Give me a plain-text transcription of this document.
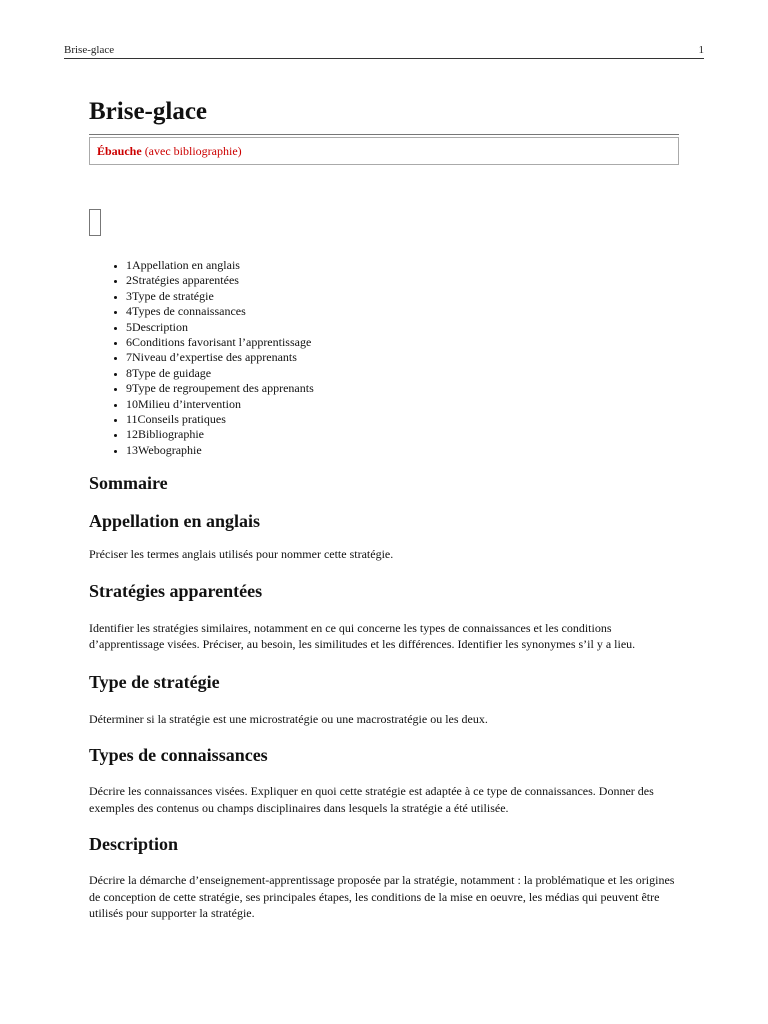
Brise-glace	1
Brise-glace
Ébauche (avec bibliographie)
• 1Appellation en anglais
• 2Stratégies apparentées
• 3Type de stratégie
• 4Types de connaissances
• 5Description
• 6Conditions favorisant l’apprentissage
• 7Niveau d’expertise des apprenants
• 8Type de guidage
• 9Type de regroupement des apprenants
• 10Milieu d’intervention
• 11Conseils pratiques
• 12Bibliographie
• 13Webographie
Sommaire
Appellation en anglais

Préciser les termes anglais utilisés pour nommer cette stratégie.

Stratégies apparentées

Identifier les stratégies similaires, notamment en ce qui concerne les types de connaissances et les conditions d’apprentissage visées. Préciser, au besoin, les similitudes et les différences. Identifier les synonymes s’il y a lieu.

Type de stratégie

Déterminer si la stratégie est une microstratégie ou une macrostratégie ou les deux.

Types de connaissances

Décrire les connaissances visées. Expliquer en quoi cette stratégie est adaptée à ce type de connaissances. Donner des exemples des contenus ou champs disciplinaires dans lesquels la stratégie a été utilisée.

Description

Décrire la démarche d’enseignement-apprentissage proposée par la stratégie, notamment : la problématique et les origines de conception de cette stratégie, ses principales étapes, les conditions de la mise en oeuvre, les médias qui peuvent être utilisés pour supporter la stratégie.
